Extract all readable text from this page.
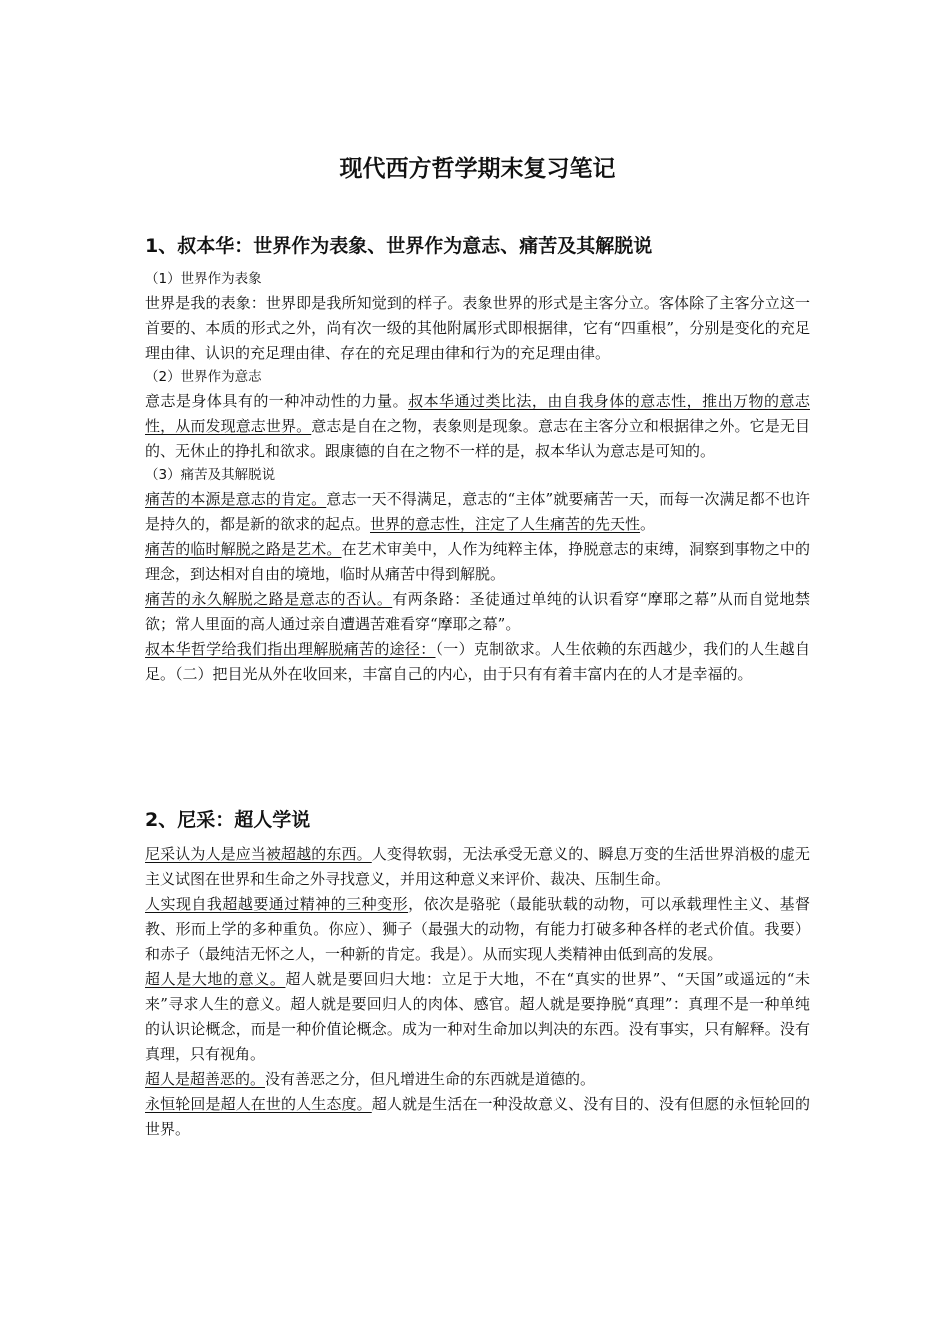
现代西方哲学期末复习笔记
1、叔本华：世界作为表象、世界作为意志、痛苦及其解脱说

（1）世界作为表象

世界是我的表象：世界即是我所知觉到的样子。表象世界的形式是主客分立。客体除了主客分立这一首要的、本质的形式之外，尚有次一级的其他附属形式即根据律，它有“四重根”，分别是变化的充足理由律、认识的充足理由律、存在的充足理由律和行为的充足理由律。

（2）世界作为意志

意志是身体具有的一种冲动性的力量。叔本华通过类比法，由自我身体的意志性，推出万物的意志性，从而发现意志世界。意志是自在之物，表象则是现象。意志在主客分立和根据律之外。它是无目的、无休止的挣扎和欲求。跟康德的自在之物不一样的是，叔本华认为意志是可知的。

（3）痛苦及其解脱说

痛苦的本源是意志的肯定。意志一天不得满足，意志的“主体”就要痛苦一天，而每一次满足都不也许是持久的，都是新的欲求的起点。世界的意志性，注定了人生痛苦的先天性。

痛苦的临时解脱之路是艺术。在艺术审美中，人作为纯粹主体，挣脱意志的束缚，洞察到事物之中的理念，到达相对自由的境地，临时从痛苦中得到解脱。

痛苦的永久解脱之路是意志的否认。有两条路：圣徒通过单纯的认识看穿“摩耶之幕”从而自觉地禁欲；常人里面的高人通过亲自遭遇苦难看穿“摩耶之幕”。

叔本华哲学给我们指出理解脱痛苦的途径：（一）克制欲求。人生依赖的东西越少，我们的人生越自足。（二）把目光从外在收回来，丰富自己的内心，由于只有有着丰富内在的人才是幸福的。

2、尼采：超人学说

尼采认为人是应当被超越的东西。人变得软弱，无法承受无意义的、瞬息万变的生活世界消极的虚无主义试图在世界和生命之外寻找意义，并用这种意义来评价、裁决、压制生命。

人实现自我超越要通过精神的三种变形，依次是骆驼（最能驮载的动物，可以承载理性主义、基督教、形而上学的多种重负。你应）、狮子（最强大的动物，有能力打破多种各样的老式价值。我要）和赤子（最纯洁无怀之人，一种新的肯定。我是）。从而实现人类精神由低到高的发展。

超人是大地的意义。超人就是要回归大地：立足于大地，不在“真实的世界”、“天国”或遥远的“未来”寻求人生的意义。超人就是要回归人的肉体、感官。超人就是要挣脱“真理”：真理不是一种单纯的认识论概念，而是一种价值论概念。成为一种对生命加以判决的东西。没有事实，只有解释。没有真理，只有视角。

超人是超善恶的。没有善恶之分，但凡增进生命的东西就是道德的。

永恒轮回是超人在世的人生态度。超人就是生活在一种没故意义、没有目的、没有但愿的永恒轮回的世界。
